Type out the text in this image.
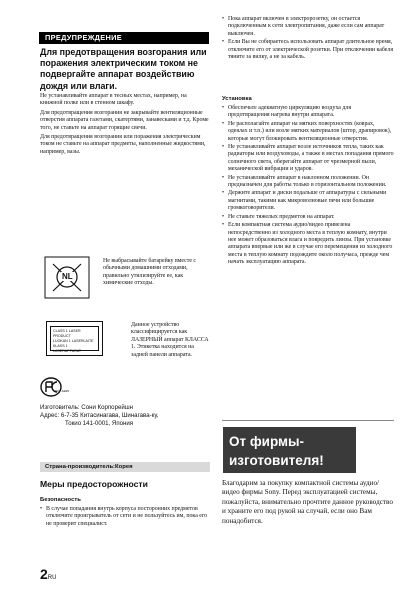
ПРЕДУПРЕЖДЕНИЕ
Для предотвращения возгорания или поражения электрическим током не подвергайте аппарат воздействию дождя или влаги.

Не устанавливайте аппарат в тесных местах, например, на книжной полке или в стенном шкафу.

Для предотвращения возгорания не закрывайте вентиляционные отверстия аппарата газетами, скатертями, занавесками и т.д. Кроме того, не ставьте на аппарат горящие свечи.

Для предотвращения возгорания или поражения электрическим током не ставьте на аппарат предметы, наполненные жидкостями, например, вазы.

NL
Не выбрасывайте батарейку вместе с обычными домашними отходами, правильно утилизируйте ее, как химические отходы.
CLASS 1 LASER PRODUCT
LUOKAN 1 LASERLAITE
KLASS 1 LASERAPPARAT
Данное устройство классифицируется как ЛАЗЕРНЫЙ аппарат КЛАССА 1. Этикетка находится на задней панели аппарата.
PCT AE95
Изготовитель: Сони Корпорейшн
Адрес: 6-7-35 Китасинагава, Шинагава-ку,
Токио 141-0001, Япония
Страна-производитель:Корея
Меры предосторожности
Безопасность
• В случае попадания внутрь корпуса посторонних предметов отключите проигрыватель от сети и не пользуйтесь им, пока его не проверит специалист.
2RU
• Пока аппарат включен в электророзетку, он остается подключенным к сети электропитания, даже если сам аппарат выключен.
• Если Вы не собираетесь использовать аппарат длительное время, отключите его от электрической розетки. При отключении кабеля тяните за вилку, а не за кабель.
Установка
• Обеспечьте адекватную циркуляцию воздуха для предотвращения нагрева внутри аппарата.
• Не располагайте аппарат на мягких поверхностях (коврах, одеялах и т.п.) или возле мягких материалов (штор, драпировок), которые могут блокировать вентиляционные отверстия.
• Не устанавливайте аппарат возле источников тепла, таких как радиаторы или воздуховоды, а также в местах попадания прямого солнечного света, оберегайте аппарат от чрезмерной пыли, механической вибрации и ударов.
• Не устанавливайте аппарат в наклонном положении. Он предназначен для работы только в горизонтальном положении.
• Держите аппарат и диски подальше от аппаратуры с сильными магнитами, такими как микроволновые печи или большие громкоговорители.
• Не ставьте тяжелых предметов на аппарат.
• Если компактная система аудио/видео привезена непосредственно из холодного места в теплую комнату, внутри нее может образоваться влага и повредить линзы. При установке аппарата впервые или же в случае его перемещения из холодного места в теплую комнату подождите около получаса, прежде чем начать эксплуатацию аппарата.
От фирмы-изготовителя!
Благодарим за покупку компактной системы аудио/видео фирмы Sony. Перед эксплуатацией системы, пожалуйста, внимательно прочтите данное руководство и храните его под рукой на случай, если оно Вам понадобится.
